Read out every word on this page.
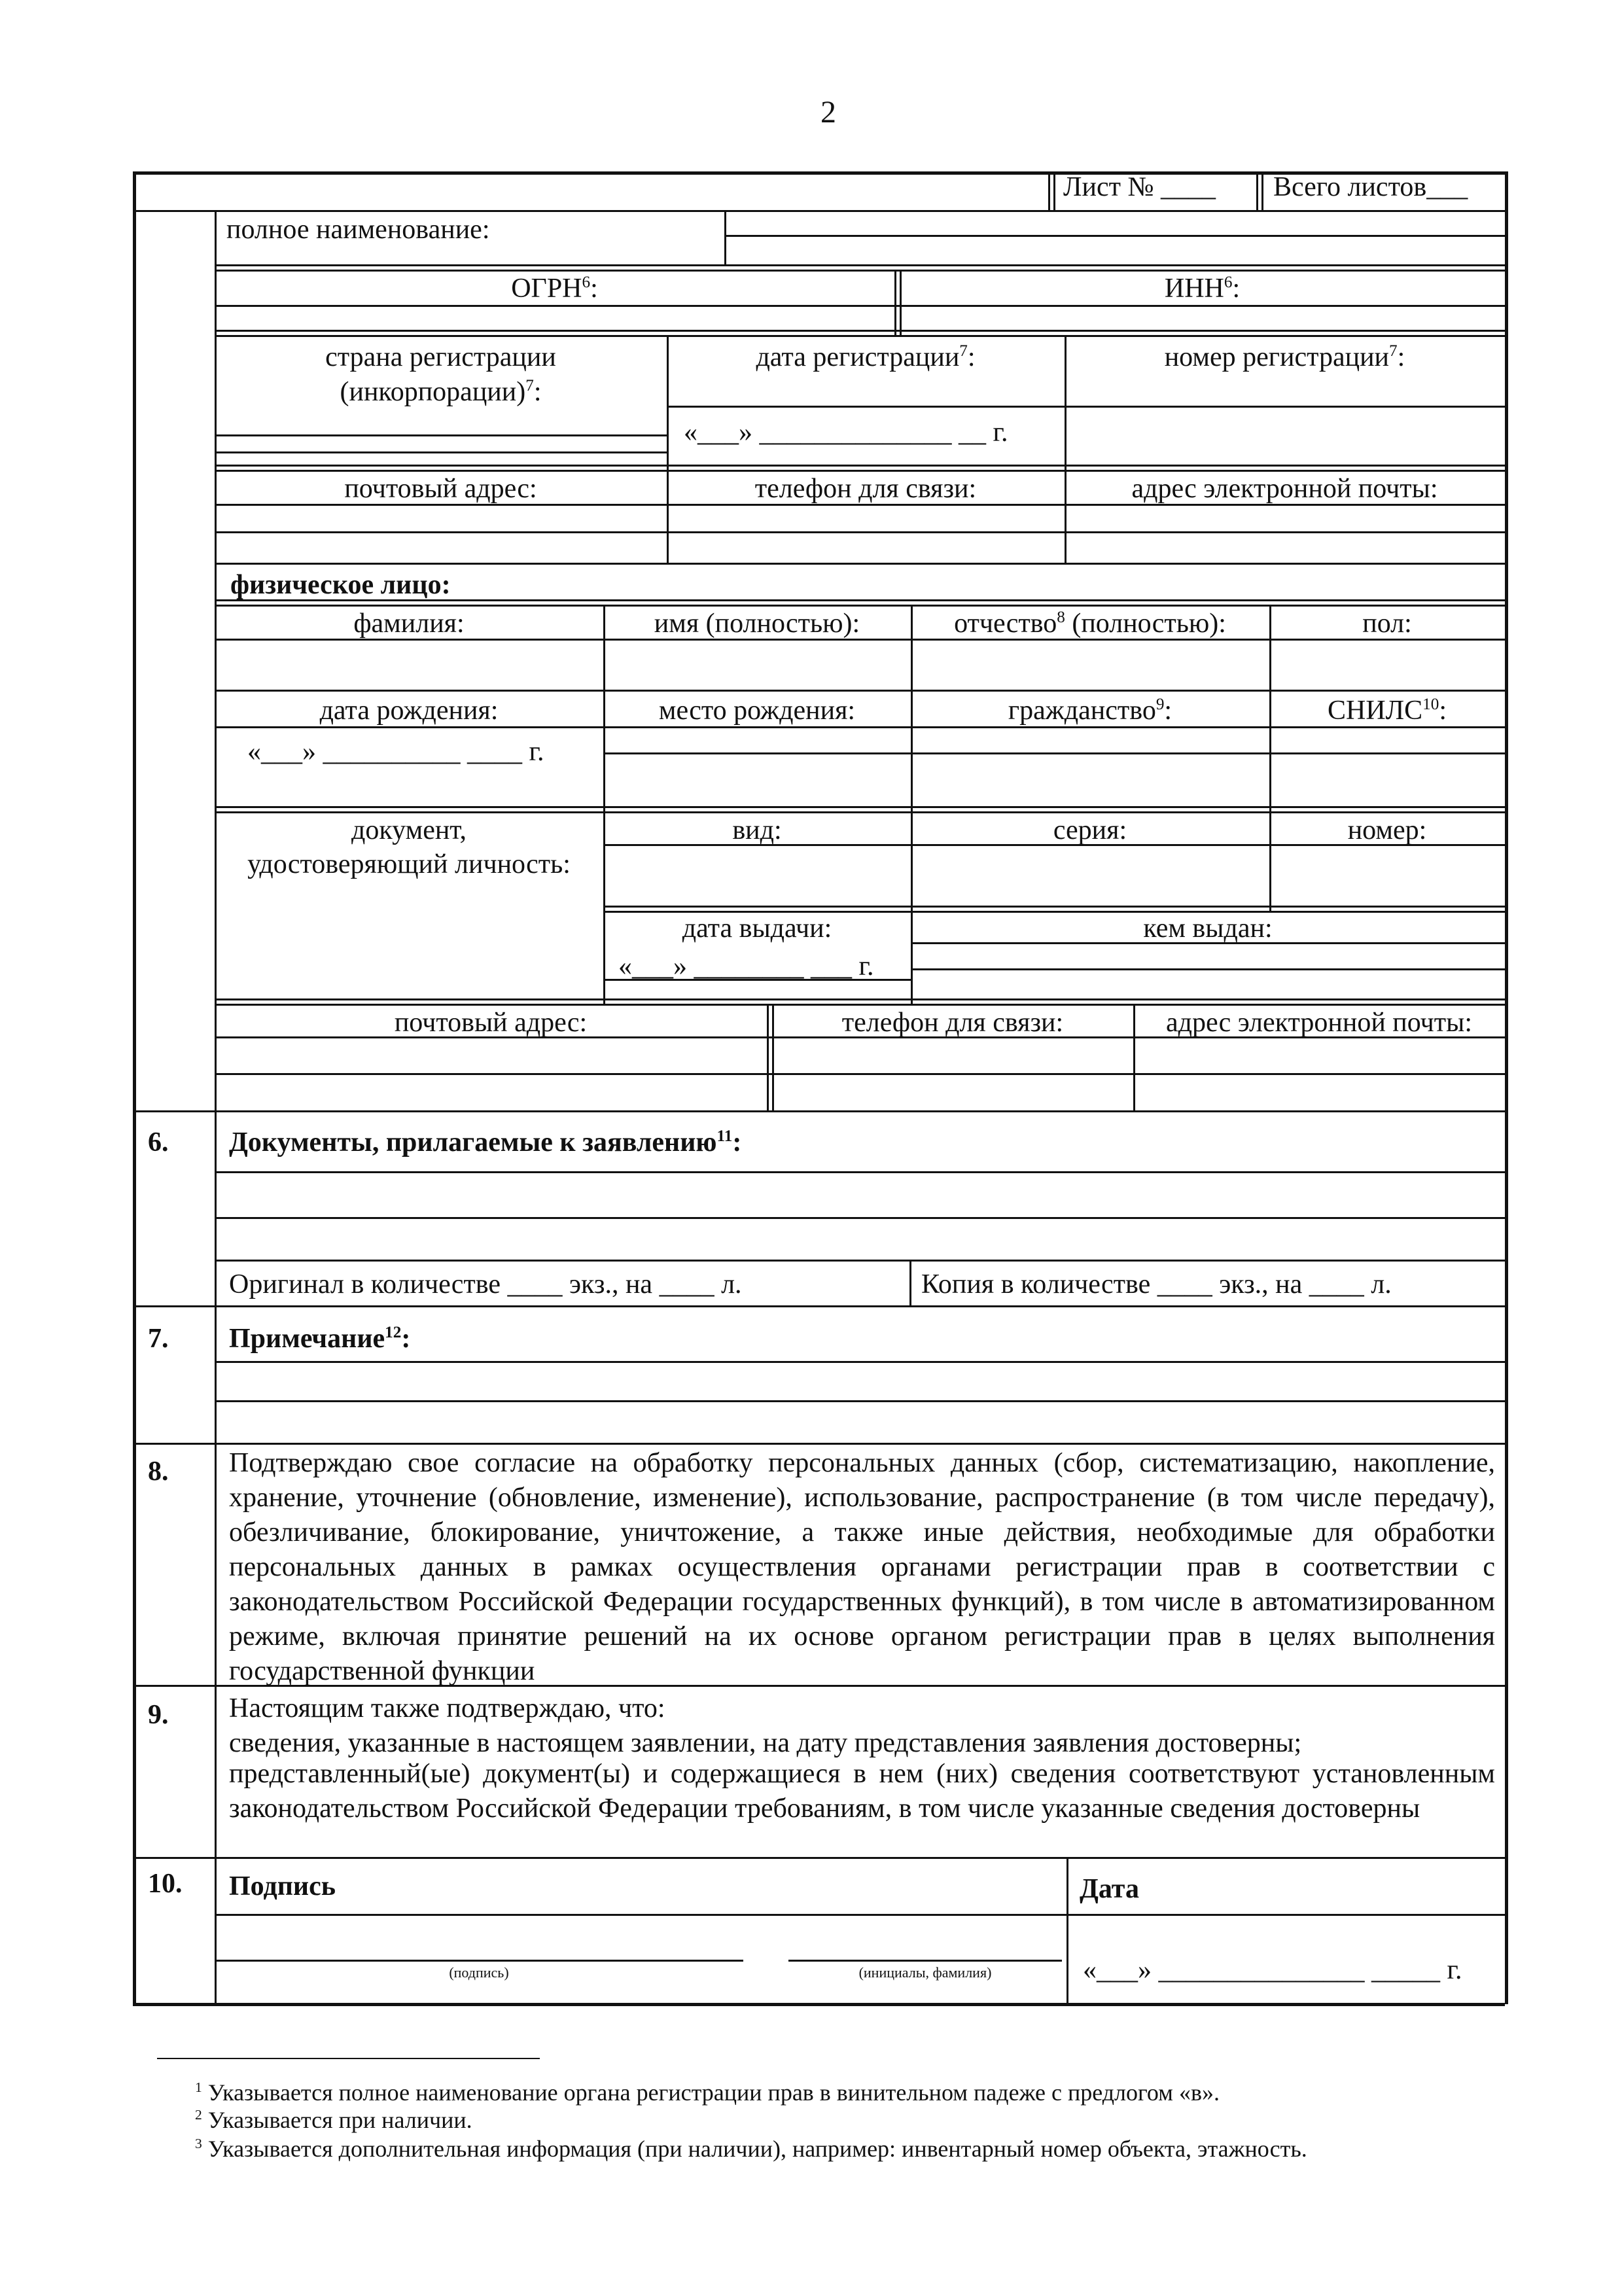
2
Лист № ____ Всего листов___
полное наименование:
ОГРН$^6$:	ИНН$^6$:
страна регистрации
(инкорпорации)$^7$:
дата регистрации$^7$:	номер регистрации$^7$:
«___» ______________ __ г.
почтовый адрес:	телефон для связи:	адрес электронной почты:
физическое лицо:
фамилия:	имя (полностью):	отчество$^8$ (полностью):	пол:
дата рождения:	место рождения:	гражданство$^9$:	СНИЛС$^{10}$:
«___» __________ ____ г.
документ,
удостоверяющий личность:
вид:	серия:	номер:
дата выдачи:	кем выдан:
«___» ________ ___ г.
почтовый адрес:	телефон для связи:	адрес электронной почты:
6. Документы, прилагаемые к заявлению$^{11}$:
Оригинал в количестве ____ экз., на ____ л.	Копия в количестве ____ экз., на ____ л.
7. Примечание$^{12}$:
8. Подтверждаю свое согласие на обработку персональных данных (сбор, систематизацию, накопление, хранение, уточнение (обновление, изменение), использование, распространение (в том числе передачу), обезличивание, блокирование, уничтожение, а также иные действия, необходимые для обработки персональных данных в рамках осуществления органами регистрации прав в соответствии с законодательством Российской Федерации государственных функций), в том числе в автоматизированном режиме, включая принятие решений на их основе органом регистрации прав в целях выполнения государственной функции
9. Настоящим также подтверждаю, что:
сведения, указанные в настоящем заявлении, на дату представления заявления достоверны;
представленный(ые) документ(ы) и содержащиеся в нем (них) сведения соответствуют установленным законодательством Российской Федерации требованиям, в том числе указанные сведения достоверны
10. Подпись	Дата
(подпись)	(инициалы, фамилия)	«___» _______________ _____ г.
$^1$ Указывается полное наименование органа регистрации прав в винительном падеже с предлогом «в».
$^2$ Указывается при наличии.
$^3$ Указывается дополнительная информация (при наличии), например: инвентарный номер объекта, этажность.
